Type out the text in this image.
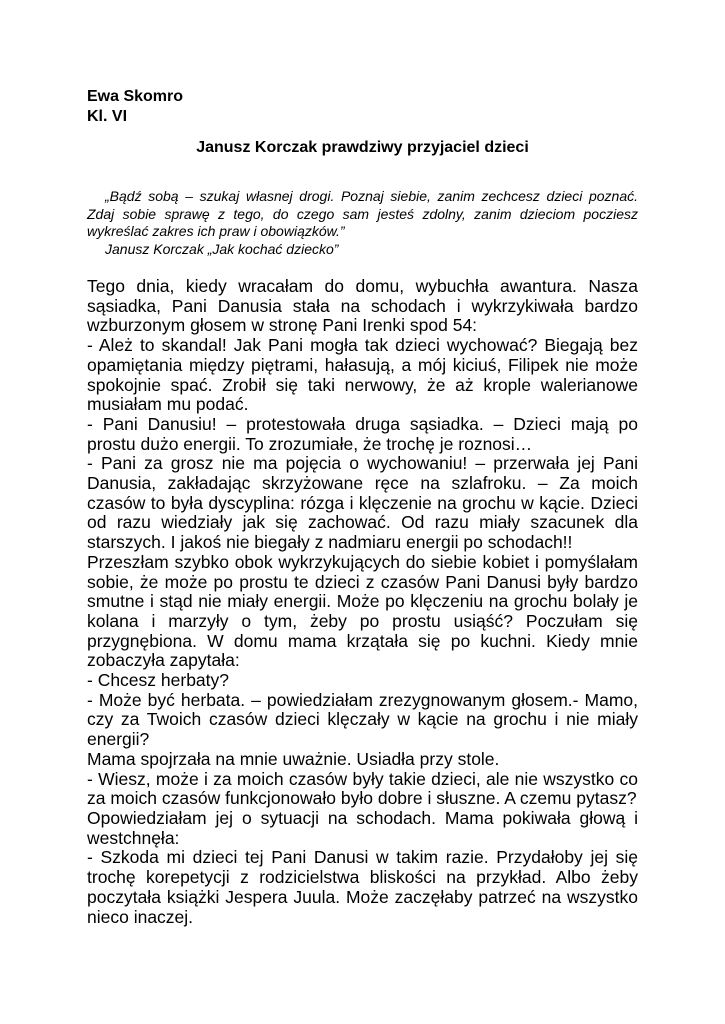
Ewa Skomro
Kl. VI
Janusz Korczak prawdziwy przyjaciel dzieci
„Bądź sobą – szukaj własnej drogi. Poznaj siebie, zanim zechcesz dzieci poznać. Zdaj sobie sprawę z tego, do czego sam jesteś zdolny, zanim dzieciom pocziesz wykreślać zakres ich praw i obowiązków.”
Janusz Korczak „Jak kochać dziecko”

Tego dnia, kiedy wracałam do domu, wybuchła awantura. Nasza sąsiadka, Pani Danusia stała na schodach i wykrzykiwała bardzo wzburzonym głosem w stronę Pani Irenki spod 54:

- Ależ to skandal! Jak Pani mogła tak dzieci wychować? Biegają bez opamiętania między piętrami, hałasują, a mój kiciuś, Filipek nie może spokojnie spać. Zrobił się taki nerwowy, że aż krople walerianowe musiałam mu podać.

- Pani Danusiu! – protestowała druga sąsiadka. – Dzieci mają po prostu dużo energii. To zrozumiałe, że trochę je roznosi…

- Pani za grosz nie ma pojęcia o wychowaniu! – przerwała jej Pani Danusia, zakładając skrzyżowane ręce na szlafroku. – Za moich czasów to była dyscyplina: rózga i klęczenie na grochu w kącie. Dzieci od razu wiedziały jak się zachować. Od razu miały szacunek dla starszych. I jakoś nie biegały z nadmiaru energii po schodach!!

Przeszłam szybko obok wykrzykujących do siebie kobiet i pomyślałam sobie, że może po prostu te dzieci z czasów Pani Danusi były bardzo smutne i stąd nie miały energii. Może po klęczeniu na grochu bolały je kolana i marzyły o tym, żeby po prostu usiąść? Poczułam się przygnębiona. W domu mama krzątała się po kuchni. Kiedy mnie zobaczyła zapytała:

- Chcesz herbaty?

- Może być herbata. – powiedziałam zrezygnowanym głosem.- Mamo, czy za Twoich czasów dzieci klęczały w kącie na grochu i nie miały energii?

Mama spojrzała na mnie uważnie. Usiadła przy stole.

- Wiesz, może i za moich czasów były takie dzieci, ale nie wszystko co za moich czasów funkcjonowało było dobre i słuszne. A czemu pytasz?

Opowiedziałam jej o sytuacji na schodach. Mama pokiwała głową i westchnęła:

- Szkoda mi dzieci tej Pani Danusi w takim razie. Przydałoby jej się trochę korepetycji z rodzicielstwa bliskości na przykład. Albo żeby poczytała książki Jespera Juula. Może zaczęłaby patrzeć na wszystko nieco inaczej.
